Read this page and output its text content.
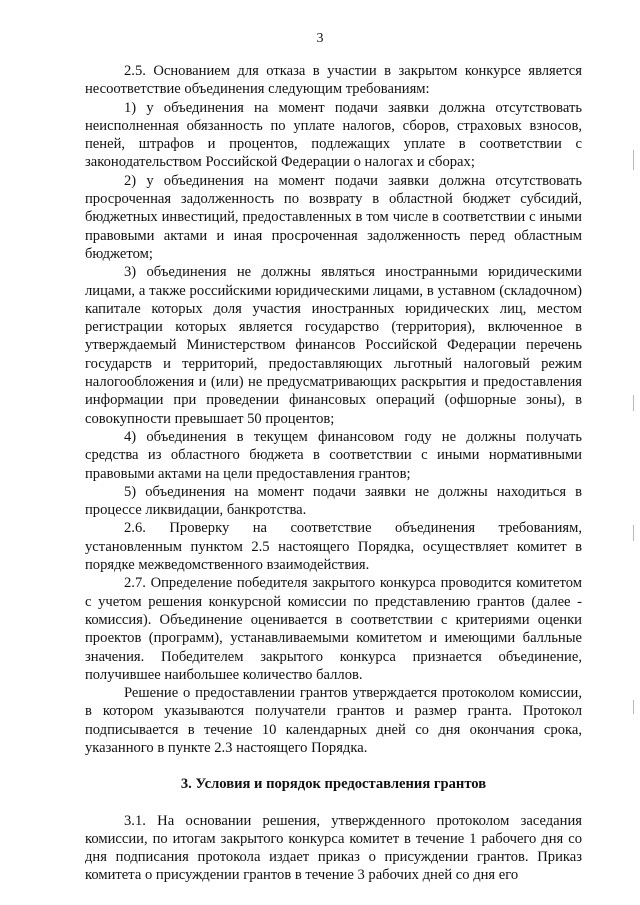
3

2.5. Основанием для отказа в участии в закрытом конкурсе является несоответствие объединения следующим требованиям:

1) у объединения на момент подачи заявки должна отсутствовать неисполненная обязанность по уплате налогов, сборов, страховых взносов, пеней, штрафов и процентов, подлежащих уплате в соответствии с законодательством Российской Федерации о налогах и сборах;

2) у объединения на момент подачи заявки должна отсутствовать просроченная задолженность по возврату в областной бюджет субсидий, бюджетных инвестиций, предоставленных в том числе в соответствии с иными правовыми актами и иная просроченная задолженность перед областным бюджетом;

3) объединения не должны являться иностранными юридическими лицами, а также российскими юридическими лицами, в уставном (складочном) капитале которых доля участия иностранных юридических лиц, местом регистрации которых является государство (территория), включенное в утверждаемый Министерством финансов Российской Федерации перечень государств и территорий, предоставляющих льготный налоговый режим налогообложения и (или) не предусматривающих раскрытия и предоставления информации при проведении финансовых операций (офшорные зоны), в совокупности превышает 50 процентов;

4) объединения в текущем финансовом году не должны получать средства из областного бюджета в соответствии с иными нормативными правовыми актами на цели предоставления грантов;

5) объединения на момент подачи заявки не должны находиться в процессе ликвидации, банкротства.

2.6. Проверку на соответствие объединения требованиям, установленным пунктом 2.5 настоящего Порядка, осуществляет комитет в порядке межведомственного взаимодействия.

2.7. Определение победителя закрытого конкурса проводится комитетом с учетом решения конкурсной комиссии по представлению грантов (далее - комиссия). Объединение оценивается в соответствии с критериями оценки проектов (программ), устанавливаемыми комитетом и имеющими балльные значения. Победителем закрытого конкурса признается объединение, получившее наибольшее количество баллов.

Решение о предоставлении грантов утверждается протоколом комиссии, в котором указываются получатели грантов и размер гранта. Протокол подписывается в течение 10 календарных дней со дня окончания срока, указанного в пункте 2.3 настоящего Порядка.

3. Условия и порядок предоставления грантов

3.1. На основании решения, утвержденного протоколом заседания комиссии, по итогам закрытого конкурса комитет в течение 1 рабочего дня со дня подписания протокола издает приказ о присуждении грантов. Приказ комитета о присуждении грантов в течение 3 рабочих дней со дня его
